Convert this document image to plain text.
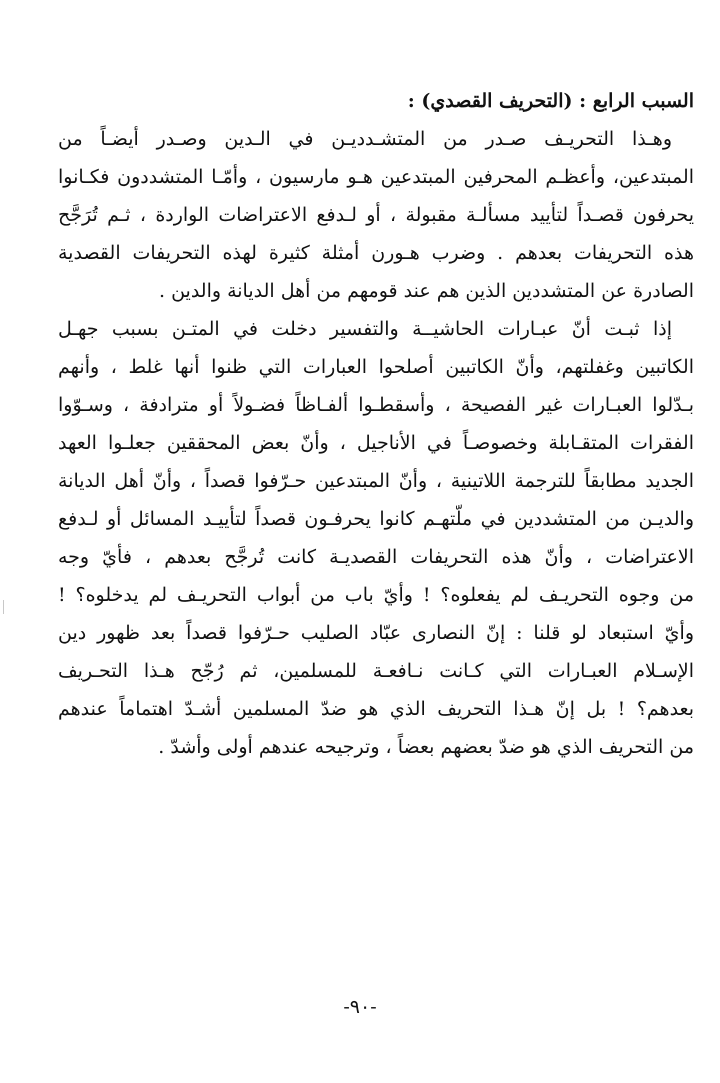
السبب الرابع : (التحريف القصدي) :
وهـذا التحريـف صـدر من المتشـدديـن في الـدين وصـدر أيضـاً من
المبتدعين، وأعظـم المحرفين المبتدعين هـو مارسيون ، وأمّـا المتشددون فكـانوا
يحرفون قصـداً لتأييد مسألـة مقبولة ، أو لـدفع الاعتراضات الواردة ، ثـم تُرَجَّح
هذه التحريفات بعدهم . وضرب هـورن أمثلة كثيرة لهذه التحريفات القصدية
الصادرة عن المتشددين الذين هم عند قومهم من أهل الديانة والدين .
إذا ثبـت أنّ عبـارات الحاشيــة والتفسير دخلت في المتـن بسبب جهـل
الكاتبين وغفلتهم، وأنّ الكاتبين أصلحوا العبارات التي ظنوا أنها غلط ، وأنهم
بـدّلوا العبـارات غير الفصيحة ، وأسقطـوا ألفـاظاً فضـولاً أو مترادفة ، وسـوّوا
الفقرات المتقـابلة وخصوصـاً في الأناجيل ، وأنّ بعض المحققين جعلـوا العهد
الجديد مطابقاً للترجمة اللاتينية ، وأنّ المبتدعين حـرّفوا قصداً ، وأنّ أهل الديانة
والديـن من المتشددين في ملّتهـم كانوا يحرفـون قصداً لتأييـد المسائل أو لـدفع
الاعتراضات ، وأنّ هذه التحريفات القصديـة كانت تُرجَّح بعدهم ، فأيّ وجه
من وجوه التحريـف لم يفعلوه؟ ! وأيّ باب من أبواب التحريـف لم يدخلوه؟ !
وأيّ استبعاد لو قلنا : إنّ النصارى عبّاد الصليب حـرّفوا قصداً بعد ظهور دين
الإسـلام العبـارات التي كـانت نـافعـة للمسلمين، ثم رُجّح هـذا التحـريف
بعدهم؟ ! بل إنّ هـذا التحريف الذي هو ضدّ المسلمين أشـدّ اهتماماً عندهم
من التحريف الذي هو ضدّ بعضهم بعضاً ، وترجيحه عندهم أولى وأشدّ .
-٩٠-
